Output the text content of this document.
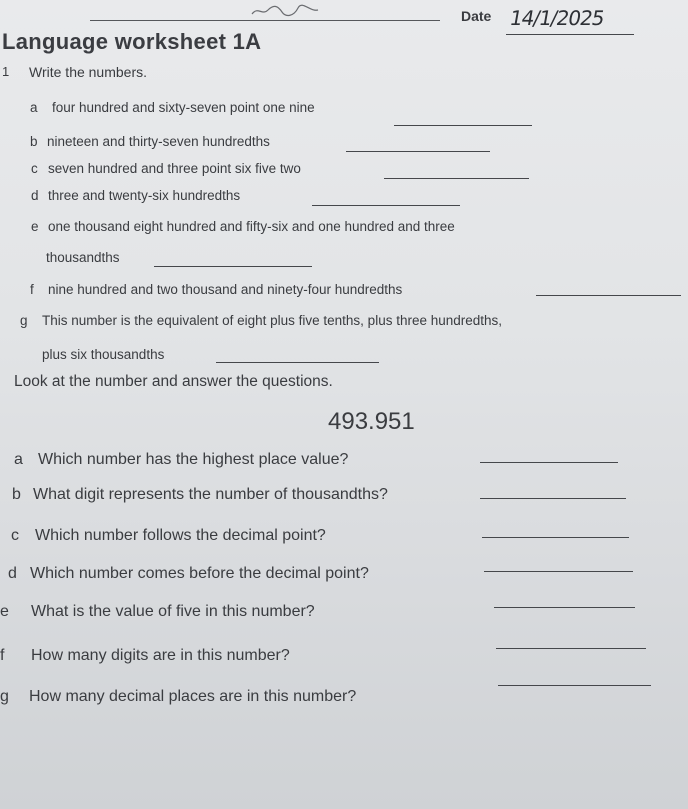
Date 14/1/2025
Language worksheet 1A
1 Write the numbers.
a four hundred and sixty-seven point one nine
b nineteen and thirty-seven hundredths
c seven hundred and three point six five two
d three and twenty-six hundredths
e one thousand eight hundred and fifty-six and one hundred and three
thousandths
f nine hundred and two thousand and ninety-four hundredths
g This number is the equivalent of eight plus five tenths, plus three hundredths,
plus six thousandths
Look at the number and answer the questions.
493.951
a Which number has the highest place value?
b What digit represents the number of thousandths?
c Which number follows the decimal point?
d Which number comes before the decimal point?
e What is the value of five in this number?
f How many digits are in this number?
g How many decimal places are in this number?
